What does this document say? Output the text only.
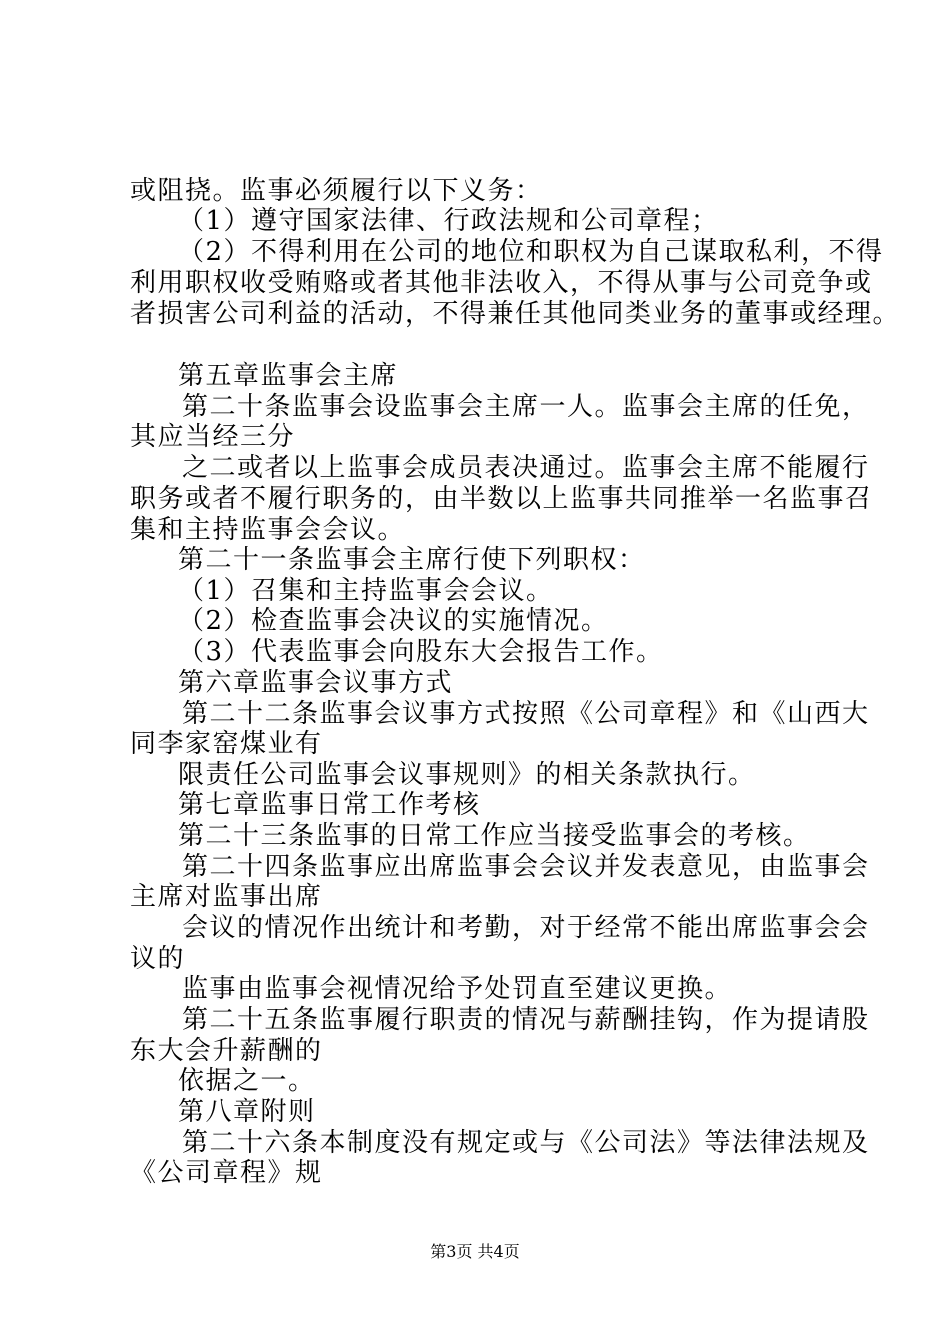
或阻挠。监事必须履行以下义务：
（1）遵守国家法律、行政法规和公司章程；
（2）不得利用在公司的地位和职权为自己谋取私利，不得
利用职权收受贿赂或者其他非法收入，不得从事与公司竞争或
者损害公司利益的活动，不得兼任其他同类业务的董事或经理。
第五章监事会主席
第二十条监事会设监事会主席一人。监事会主席的任免，
其应当经三分
之二或者以上监事会成员表决通过。监事会主席不能履行
职务或者不履行职务的，由半数以上监事共同推举一名监事召
集和主持监事会会议。
第二十一条监事会主席行使下列职权：
（1）召集和主持监事会会议。
（2）检查监事会决议的实施情况。
（3）代表监事会向股东大会报告工作。
第六章监事会议事方式
第二十二条监事会议事方式按照《公司章程》和《山西大
同李家窑煤业有
限责任公司监事会议事规则》的相关条款执行。
第七章监事日常工作考核
第二十三条监事的日常工作应当接受监事会的考核。
第二十四条监事应出席监事会会议并发表意见，由监事会
主席对监事出席
会议的情况作出统计和考勤，对于经常不能出席监事会会
议的
监事由监事会视情况给予处罚直至建议更换。
第二十五条监事履行职责的情况与薪酬挂钩，作为提请股
东大会升薪酬的
依据之一。
第八章附则
第二十六条本制度没有规定或与《公司法》等法律法规及
《公司章程》规
第3页 共4页
